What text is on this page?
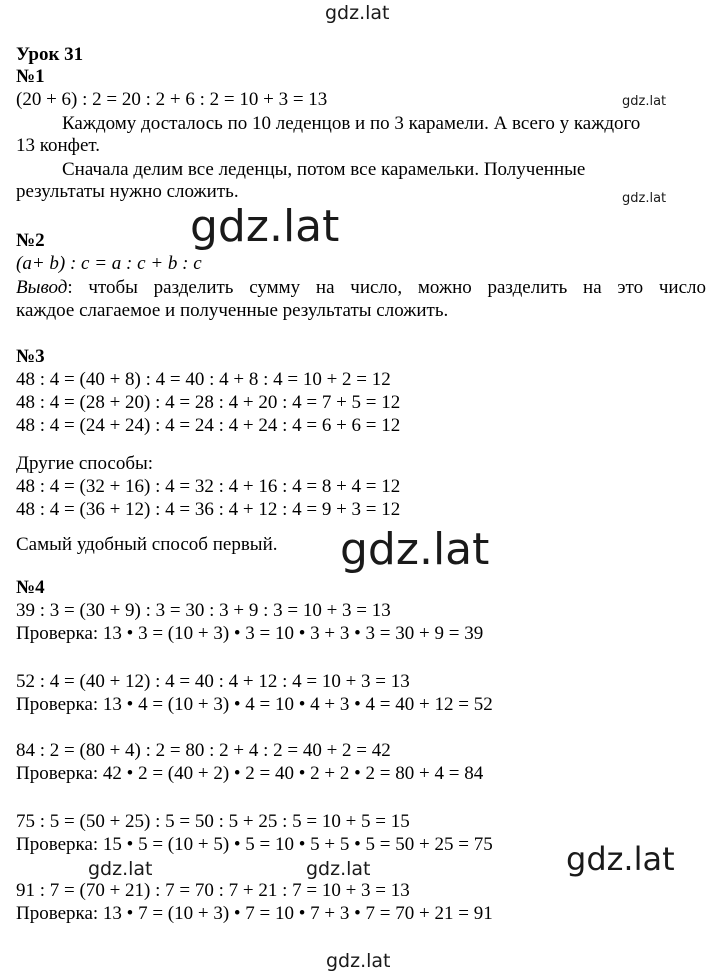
gdz.lat
gdz.lat
gdz.lat
gdz.lat
gdz.lat
gdz.lat
gdz.lat	gdz.lat
gdz.lat
Урок 31
№1
(20 + 6) : 2 = 20 : 2 + 6 : 2 = 10 + 3 = 13
Каждому досталось по 10 леденцов и по 3 карамели. А всего у каждого
13 конфет.
Сначала делим все леденцы, потом все карамельки. Полученные
результаты нужно сложить.
№2
(a+ b) : c = a : c + b : c
Вывод: чтобы разделить сумму на число, можно разделить на это число
каждое слагаемое и полученные результаты сложить.
№3
48 : 4 = (40 + 8) : 4 = 40 : 4 + 8 : 4 = 10 + 2 = 12
48 : 4 = (28 + 20) : 4 = 28 : 4 + 20 : 4 = 7 + 5 = 12
48 : 4 = (24 + 24) : 4 = 24 : 4 + 24 : 4 = 6 + 6 = 12
Другие способы:
48 : 4 = (32 + 16) : 4 = 32 : 4 + 16 : 4 = 8 + 4 = 12
48 : 4 = (36 + 12) : 4 = 36 : 4 + 12 : 4 = 9 + 3 = 12
Самый удобный способ первый.
№4
39 : 3 = (30 + 9) : 3 = 30 : 3 + 9 : 3 = 10 + 3 = 13
Проверка: 13 • 3 = (10 + 3) • 3 = 10 • 3 + 3 • 3 = 30 + 9 = 39
52 : 4 = (40 + 12) : 4 = 40 : 4 + 12 : 4 = 10 + 3 = 13
Проверка: 13 • 4 = (10 + 3) • 4 = 10 • 4 + 3 • 4 = 40 + 12 = 52
84 : 2 = (80 + 4) : 2 = 80 : 2 + 4 : 2 = 40 + 2 = 42
Проверка: 42 • 2 = (40 + 2) • 2 = 40 • 2 + 2 • 2 = 80 + 4 = 84
75 : 5 = (50 + 25) : 5 = 50 : 5 + 25 : 5 = 10 + 5 = 15
Проверка: 15 • 5 = (10 + 5) • 5 = 10 • 5 + 5 • 5 = 50 + 25 = 75
91 : 7 = (70 + 21) : 7 = 70 : 7 + 21 : 7 = 10 + 3 = 13
Проверка: 13 • 7 = (10 + 3) • 7 = 10 • 7 + 3 • 7 = 70 + 21 = 91
